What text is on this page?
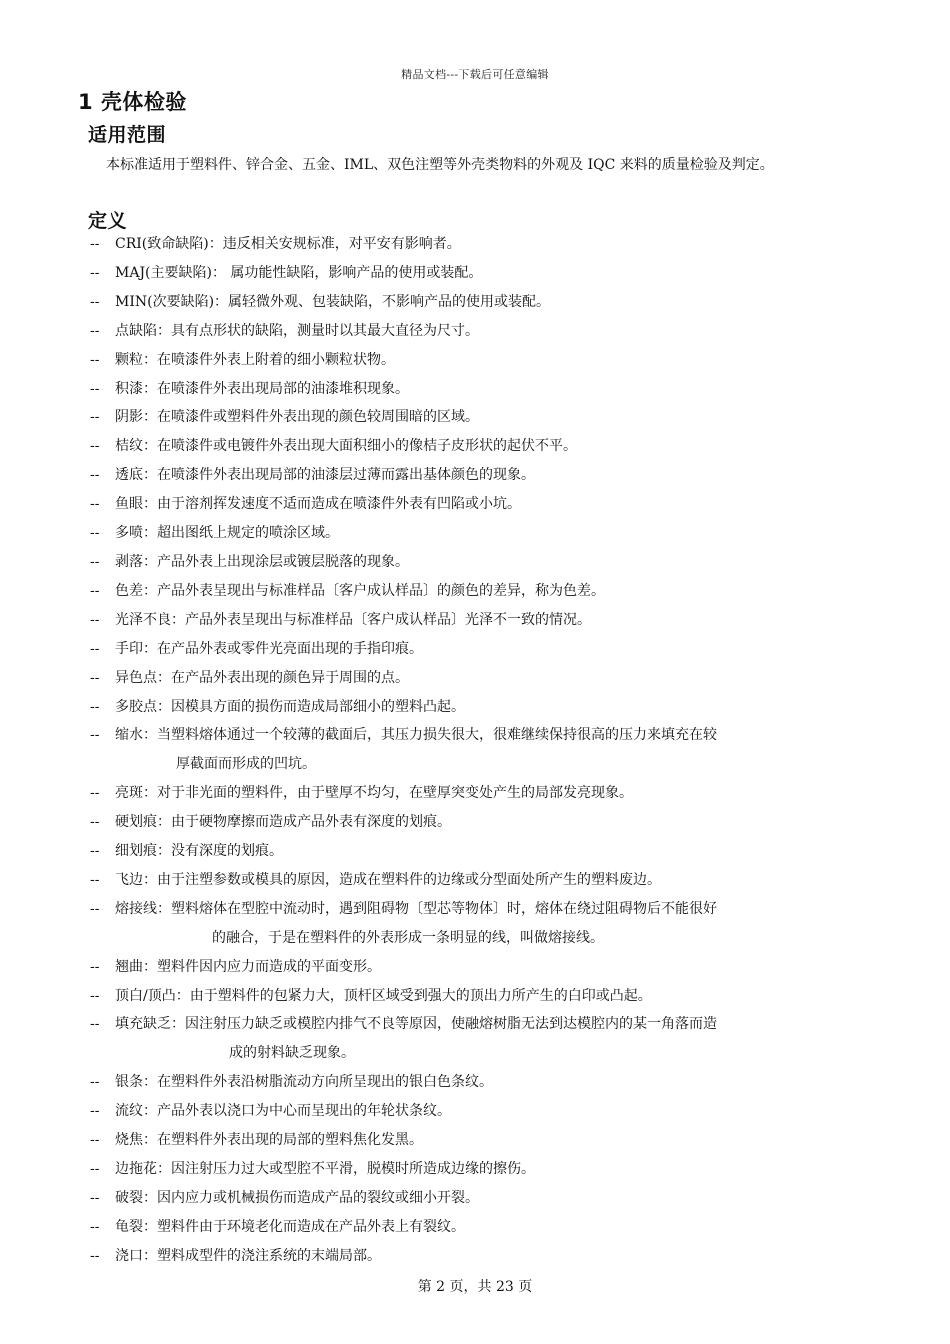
精品文档---下载后可任意编辑
1 壳体检验
适用范围
本标准适用于塑料件、锌合金、五金、IML、双色注塑等外壳类物料的外观及 IQC 来料的质量检验及判定。
定义
-- CRI(致命缺陷)：违反相关安规标准，对平安有影响者。
-- MAJ(主要缺陷)： 属功能性缺陷，影响产品的使用或装配。
-- MIN(次要缺陷)：属轻微外观、包装缺陷，不影响产品的使用或装配。
-- 点缺陷：具有点形状的缺陷，测量时以其最大直径为尺寸。
-- 颗粒：在喷漆件外表上附着的细小颗粒状物。
-- 积漆：在喷漆件外表出现局部的油漆堆积现象。
-- 阴影：在喷漆件或塑料件外表出现的颜色较周围暗的区域。
-- 桔纹：在喷漆件或电镀件外表出现大面积细小的像桔子皮形状的起伏不平。
-- 透底：在喷漆件外表出现局部的油漆层过薄而露出基体颜色的现象。
-- 鱼眼：由于溶剂挥发速度不适而造成在喷漆件外表有凹陷或小坑。
-- 多喷：超出图纸上规定的喷涂区域。
-- 剥落：产品外表上出现涂层或镀层脱落的现象。
-- 色差：产品外表呈现出与标准样品〔客户成认样品〕的颜色的差异，称为色差。
-- 光泽不良：产品外表呈现出与标准样品〔客户成认样品〕光泽不一致的情况。
-- 手印：在产品外表或零件光亮面出现的手指印痕。
-- 异色点：在产品外表出现的颜色异于周围的点。
-- 多胶点：因模具方面的损伤而造成局部细小的塑料凸起。
-- 缩水：当塑料熔体通过一个较薄的截面后，其压力损失很大，很难继续保持很高的压力来填充在较
厚截面而形成的凹坑。
-- 亮斑：对于非光面的塑料件，由于壁厚不均匀，在壁厚突变处产生的局部发亮现象。
-- 硬划痕：由于硬物摩擦而造成产品外表有深度的划痕。
-- 细划痕：没有深度的划痕。
-- 飞边：由于注塑参数或模具的原因，造成在塑料件的边缘或分型面处所产生的塑料废边。
-- 熔接线：塑料熔体在型腔中流动时，遇到阻碍物〔型芯等物体〕时，熔体在绕过阻碍物后不能很好
的融合，于是在塑料件的外表形成一条明显的线，叫做熔接线。
-- 翘曲：塑料件因内应力而造成的平面变形。
-- 顶白/顶凸：由于塑料件的包紧力大，顶杆区域受到强大的顶出力所产生的白印或凸起。
-- 填充缺乏：因注射压力缺乏或模腔内排气不良等原因，使融熔树脂无法到达模腔内的某一角落而造
成的射料缺乏现象。
-- 银条：在塑料件外表沿树脂流动方向所呈现出的银白色条纹。
-- 流纹：产品外表以浇口为中心而呈现出的年轮状条纹。
-- 烧焦：在塑料件外表出现的局部的塑料焦化发黑。
-- 边拖花：因注射压力过大或型腔不平滑，脱模时所造成边缘的擦伤。
-- 破裂：因内应力或机械损伤而造成产品的裂纹或细小开裂。
-- 龟裂：塑料件由于环境老化而造成在产品外表上有裂纹。
-- 浇口：塑料成型件的浇注系统的末端局部。
第 2 页，共 23 页
